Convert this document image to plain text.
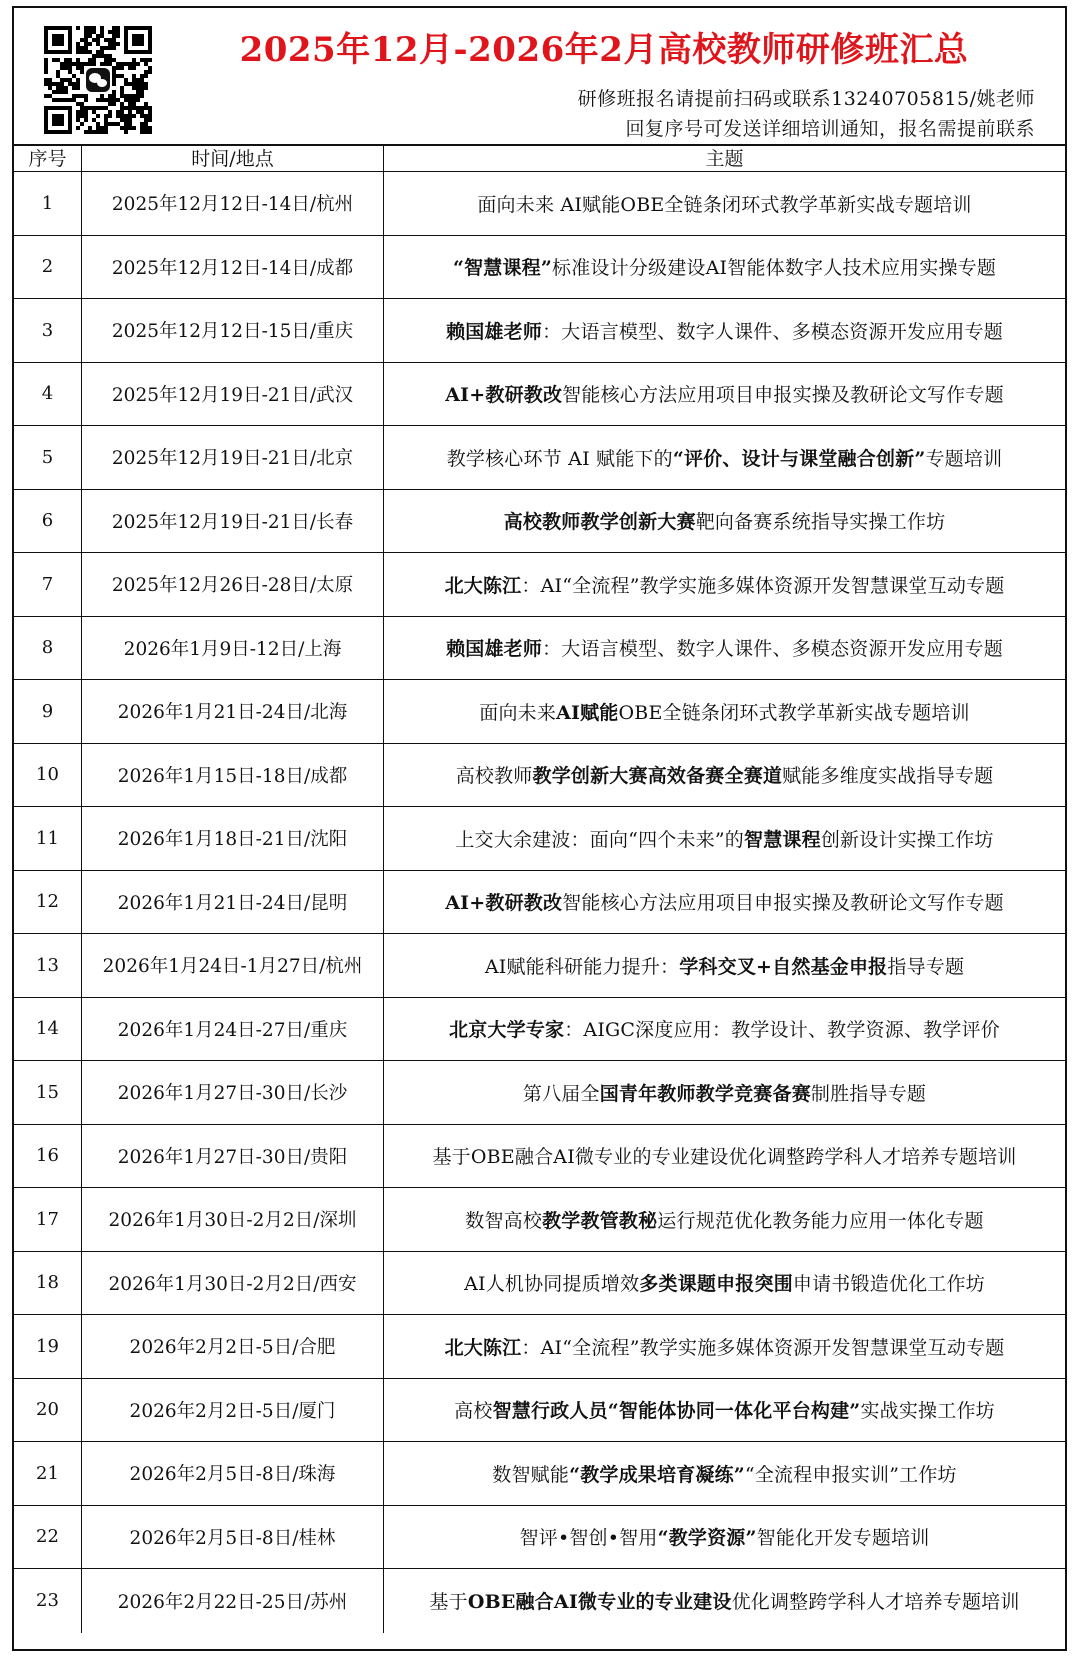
2025年12月-2026年2月高校教师研修班汇总
研修班报名请提前扫码或联系13240705815/姚老师
回复序号可发送详细培训通知，报名需提前联系
序号	时间/地点	主题
1	2025年12月12日-14日/杭州	面向未来 AI赋能OBE全链条闭环式教学革新实战专题培训
2	2025年12月12日-14日/成都	“智慧课程” 标准设计分级建设AI智能体数字人技术应用实操专题
3	2025年12月12日-15日/重庆	赖国雄老师 ：大语言模型、数字人课件、多模态资源开发应用专题
4	2025年12月19日-21日/武汉	AI+教研教改 智能核心方法应用项目申报实操及教研论文写作专题
5	2025年12月19日-21日/北京	教学核心环节 AI 赋能下的 “评价、设计与课堂融合创新” 专题培训
6	2025年12月19日-21日/长春	高校教师教学创新大赛 靶向备赛系统指导实操工作坊
7	2025年12月26日-28日/太原	北大陈江 ：AI“全流程”教学实施多媒体资源开发智慧课堂互动专题
8	2026年1月9日-12日/上海	赖国雄老师 ：大语言模型、数字人课件、多模态资源开发应用专题
9	2026年1月21日-24日/北海	面向未来 AI赋能 OBE全链条闭环式教学革新实战专题培训
10	2026年1月15日-18日/成都	高校教师 教学创新大赛高效备赛全赛道 赋能多维度实战指导专题
11	2026年1月18日-21日/沈阳	上交大余建波：面向“四个未来”的 智慧课程 创新设计实操工作坊
12	2026年1月21日-24日/昆明	AI+教研教改 智能核心方法应用项目申报实操及教研论文写作专题
13	2026年1月24日-1月27日/杭州	AI赋能科研能力提升： 学科交叉+自然基金申报 指导专题
14	2026年1月24日-27日/重庆	北京大学专家 ：AIGC深度应用：教学设计、教学资源、教学评价
15	2026年1月27日-30日/长沙	第八届全 国青年教师教学竞赛备赛 制胜指导专题
16	2026年1月27日-30日/贵阳	基于OBE融合AI微专业的专业建设优化调整跨学科人才培养专题培训
17	2026年1月30日-2月2日/深圳	数智高校 教学教管教秘 运行规范优化教务能力应用一体化专题
18	2026年1月30日-2月2日/西安	AI人机协同提质增效 多类课题申报突围 申请书锻造优化工作坊
19	2026年2月2日-5日/合肥	北大陈江 ：AI“全流程”教学实施多媒体资源开发智慧课堂互动专题
20	2026年2月2日-5日/厦门	高校 智慧行政人员 “智能体协同一体化平台构建” 实战实操工作坊
21	2026年2月5日-8日/珠海	数智赋能 “教学成果培育凝练” “全流程申报实训”工作坊
22	2026年2月5日-8日/桂林	智评•智创•智用 “教学资源” 智能化开发专题培训
23	2026年2月22日-25日/苏州	基于 OBE融合AI微专业的专业建设 优化调整跨学科人才培养专题培训
